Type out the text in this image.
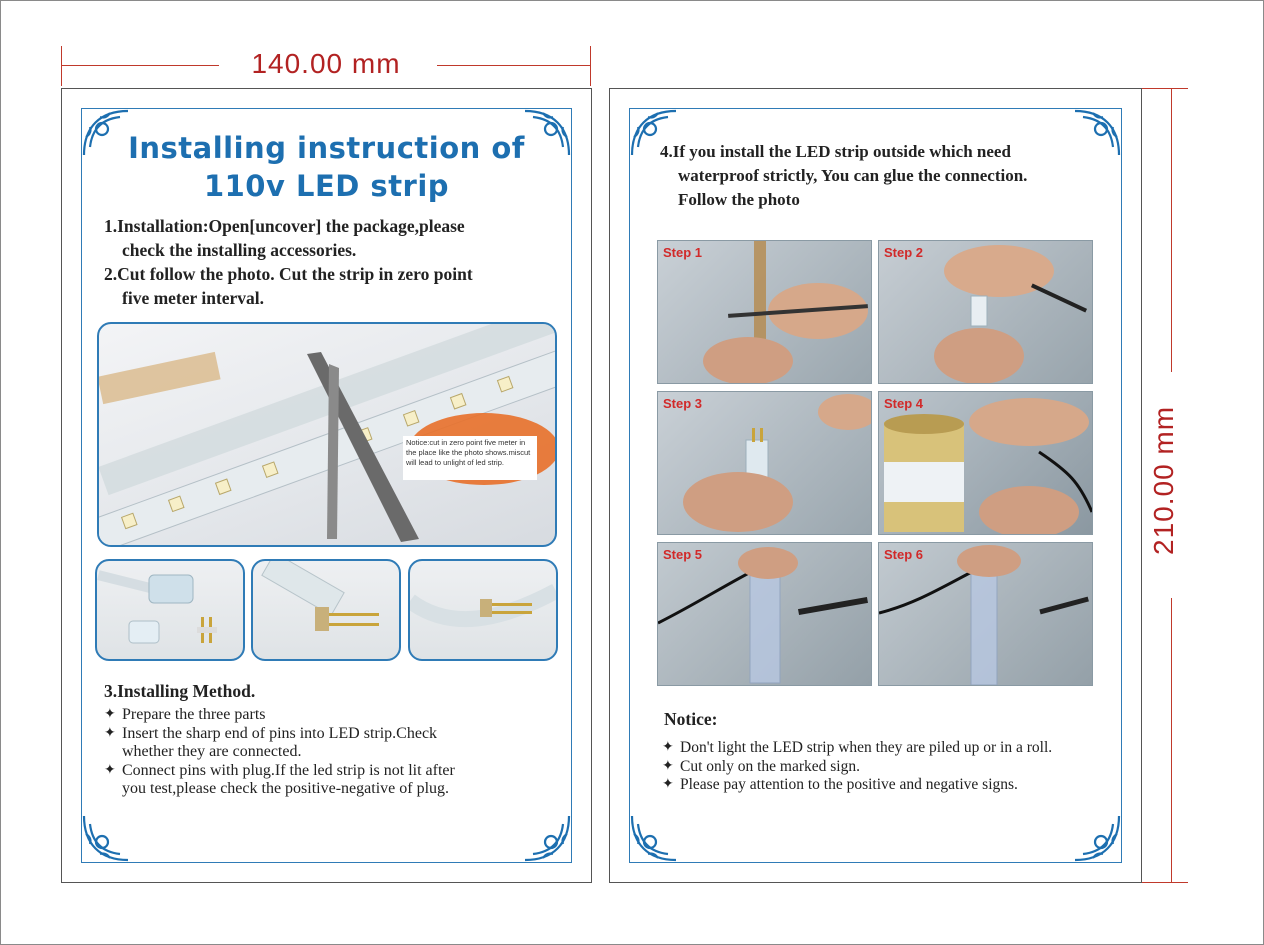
140.00 mm
210.00 mm
Installing instruction of
110v LED strip
1.Installation:Open[uncover] the package,please
check the installing accessories.
2.Cut follow the photo. Cut the strip in zero point
five meter interval.
Notice:cut in zero point five meter in the place like the photo shows.miscut will lead to unlight of led strip.
3.Installing Method.
✦ Prepare the three parts
✦ Insert the sharp end of pins into LED strip.Check
whether they are connected.
✦ Connect pins with plug.If the led strip is not lit after
you test,please check the positive-negative of plug.
4.If you install the LED strip outside which need
waterproof strictly, You can glue the connection.
Follow the photo
Step 1	Step 2
Step 3	Step 4
Step 5	Step 6
Notice:
✦ Don't light the LED strip when they are piled up or in a roll.
✦ Cut only on the marked sign.
✦ Please pay attention to the positive and negative signs.
